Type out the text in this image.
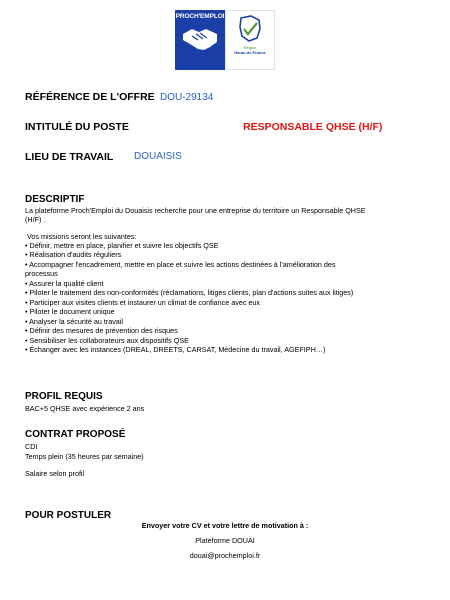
PROCH'EMPLOI
Région
Hauts-de-France
RÉFÉRENCE DE L'OFFRE DOU-29134
INTITULÉ DU POSTE	RESPONSABLE QHSE (H/F)
LIEU DE TRAVAIL DOUAISIS
DESCRIPTIF
La plateforme Proch'Emploi du Douaisis recherche pour une entreprise du territoire un Responsable QHSE
(H/F) .
Vos missions seront les suivantes:
• Définir, mettre en place, planifier et suivre les objectifs QSE
• Réalisation d'audits réguliers
• Accompagner l'encadrement, mettre en place et suivre les actions destinées à l'amélioration des
processus
• Assurer la qualité client
• Piloter le traitement des non-conformités (réclamations, litiges clients, plan d'actions suites aux litiges)
• Participer aux visites clients et instaurer un climat de confiance avec eux
• Piloter le document unique
• Analyser la sécurité au travail
• Définir des mesures de prévention des risques
• Sensibiliser les collaborateurs aux dispositifs QSE
• Échanger avec les instances (DREAL, DREETS, CARSAT, Médecine du travail, AGEFIPH…)
PROFIL REQUIS
BAC+5 QHSE avec expérience 2 ans
CONTRAT PROPOSÉ
CDI
Temps plein (35 heures par semaine)
Salaire selon profil
POUR POSTULER
Envoyer votre CV et votre lettre de motivation à :
Plateforme DOUAI
douai@prochemploi.fr
